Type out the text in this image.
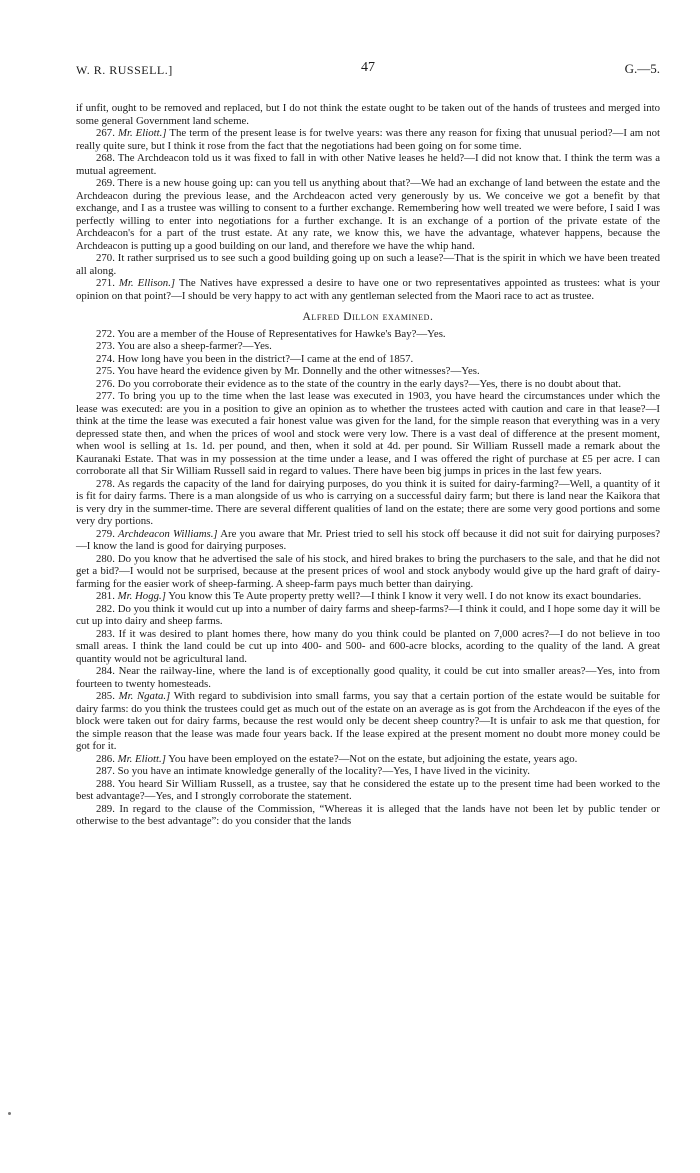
W. R. RUSSELL.]	47	G.—5.

if unfit, ought to be removed and replaced, but I do not think the estate ought to be taken out of the hands of trustees and merged into some general Government land scheme.

267. Mr. Eliott.] The term of the present lease is for twelve years: was there any reason for fixing that unusual period?—I am not really quite sure, but I think it rose from the fact that the negotiations had been going on for some time.

268. The Archdeacon told us it was fixed to fall in with other Native leases he held?—I did not know that. I think the term was a mutual agreement.

269. There is a new house going up: can you tell us anything about that?—We had an exchange of land between the estate and the Archdeacon during the previous lease, and the Archdeacon acted very generously by us. We conceive we got a benefit by that exchange, and I as a trustee was willing to consent to a further exchange. Remembering how well treated we were before, I said I was perfectly willing to enter into negotiations for a further exchange. It is an exchange of a portion of the private estate of the Archdeacon's for a part of the trust estate. At any rate, we know this, we have the advantage, whatever happens, because the Archdeacon is putting up a good building on our land, and therefore we have the whip hand.

270. It rather surprised us to see such a good building going up on such a lease?—That is the spirit in which we have been treated all along.

271. Mr. Ellison.] The Natives have expressed a desire to have one or two representatives appointed as trustees: what is your opinion on that point?—I should be very happy to act with any gentleman selected from the Maori race to act as trustee.

Alfred Dillon examined.

272. You are a member of the House of Representatives for Hawke's Bay?—Yes.

273. You are also a sheep-farmer?—Yes.

274. How long have you been in the district?—I came at the end of 1857.

275. You have heard the evidence given by Mr. Donnelly and the other witnesses?—Yes.

276. Do you corroborate their evidence as to the state of the country in the early days?—Yes, there is no doubt about that.

277. To bring you up to the time when the last lease was executed in 1903, you have heard the circumstances under which the lease was executed: are you in a position to give an opinion as to whether the trustees acted with caution and care in that lease?—I think at the time the lease was executed a fair honest value was given for the land, for the simple reason that everything was in a very depressed state then, and when the prices of wool and stock were very low. There is a vast deal of difference at the present moment, when wool is selling at 1s. 1d. per pound, and then, when it sold at 4d. per pound. Sir William Russell made a remark about the Kauranaki Estate. That was in my possession at the time under a lease, and I was offered the right of purchase at £5 per acre. I can corroborate all that Sir William Russell said in regard to values. There have been big jumps in prices in the last few years.

278. As regards the capacity of the land for dairying purposes, do you think it is suited for dairy-farming?—Well, a quantity of it is fit for dairy farms. There is a man alongside of us who is carrying on a successful dairy farm; but there is land near the Kaikora that is very dry in the summer-time. There are several different qualities of land on the estate; there are some very good portions and some very dry portions.

279. Archdeacon Williams.] Are you aware that Mr. Priest tried to sell his stock off because it did not suit for dairying purposes?—I know the land is good for dairying purposes.

280. Do you know that he advertised the sale of his stock, and hired brakes to bring the purchasers to the sale, and that he did not get a bid?—I would not be surprised, because at the present prices of wool and stock anybody would give up the hard graft of dairy-farming for the easier work of sheep-farming. A sheep-farm pays much better than dairying.

281. Mr. Hogg.] You know this Te Aute property pretty well?—I think I know it very well. I do not know its exact boundaries.

282. Do you think it would cut up into a number of dairy farms and sheep-farms?—I think it could, and I hope some day it will be cut up into dairy and sheep farms.

283. If it was desired to plant homes there, how many do you think could be planted on 7,000 acres?—I do not believe in too small areas. I think the land could be cut up into 400- and 500- and 600-acre blocks, acording to the quality of the land. A great quantity would not be agricultural land.

284. Near the railway-line, where the land is of exceptionally good quality, it could be cut into smaller areas?—Yes, into from fourteen to twenty homesteads.

285. Mr. Ngata.] With regard to subdivision into small farms, you say that a certain portion of the estate would be suitable for dairy farms: do you think the trustees could get as much out of the estate on an average as is got from the Archdeacon if the eyes of the block were taken out for dairy farms, because the rest would only be decent sheep country?—It is unfair to ask me that question, for the simple reason that the lease was made four years back. If the lease expired at the present moment no doubt more money could be got for it.

286. Mr. Eliott.] You have been employed on the estate?—Not on the estate, but adjoining the estate, years ago.

287. So you have an intimate knowledge generally of the locality?—Yes, I have lived in the vicinity.

288. You heard Sir William Russell, as a trustee, say that he considered the estate up to the present time had been worked to the best advantage?—Yes, and I strongly corroborate the statement.

289. In regard to the clause of the Commission, “Whereas it is alleged that the lands have not been let by public tender or otherwise to the best advantage”: do you consider that the lands
